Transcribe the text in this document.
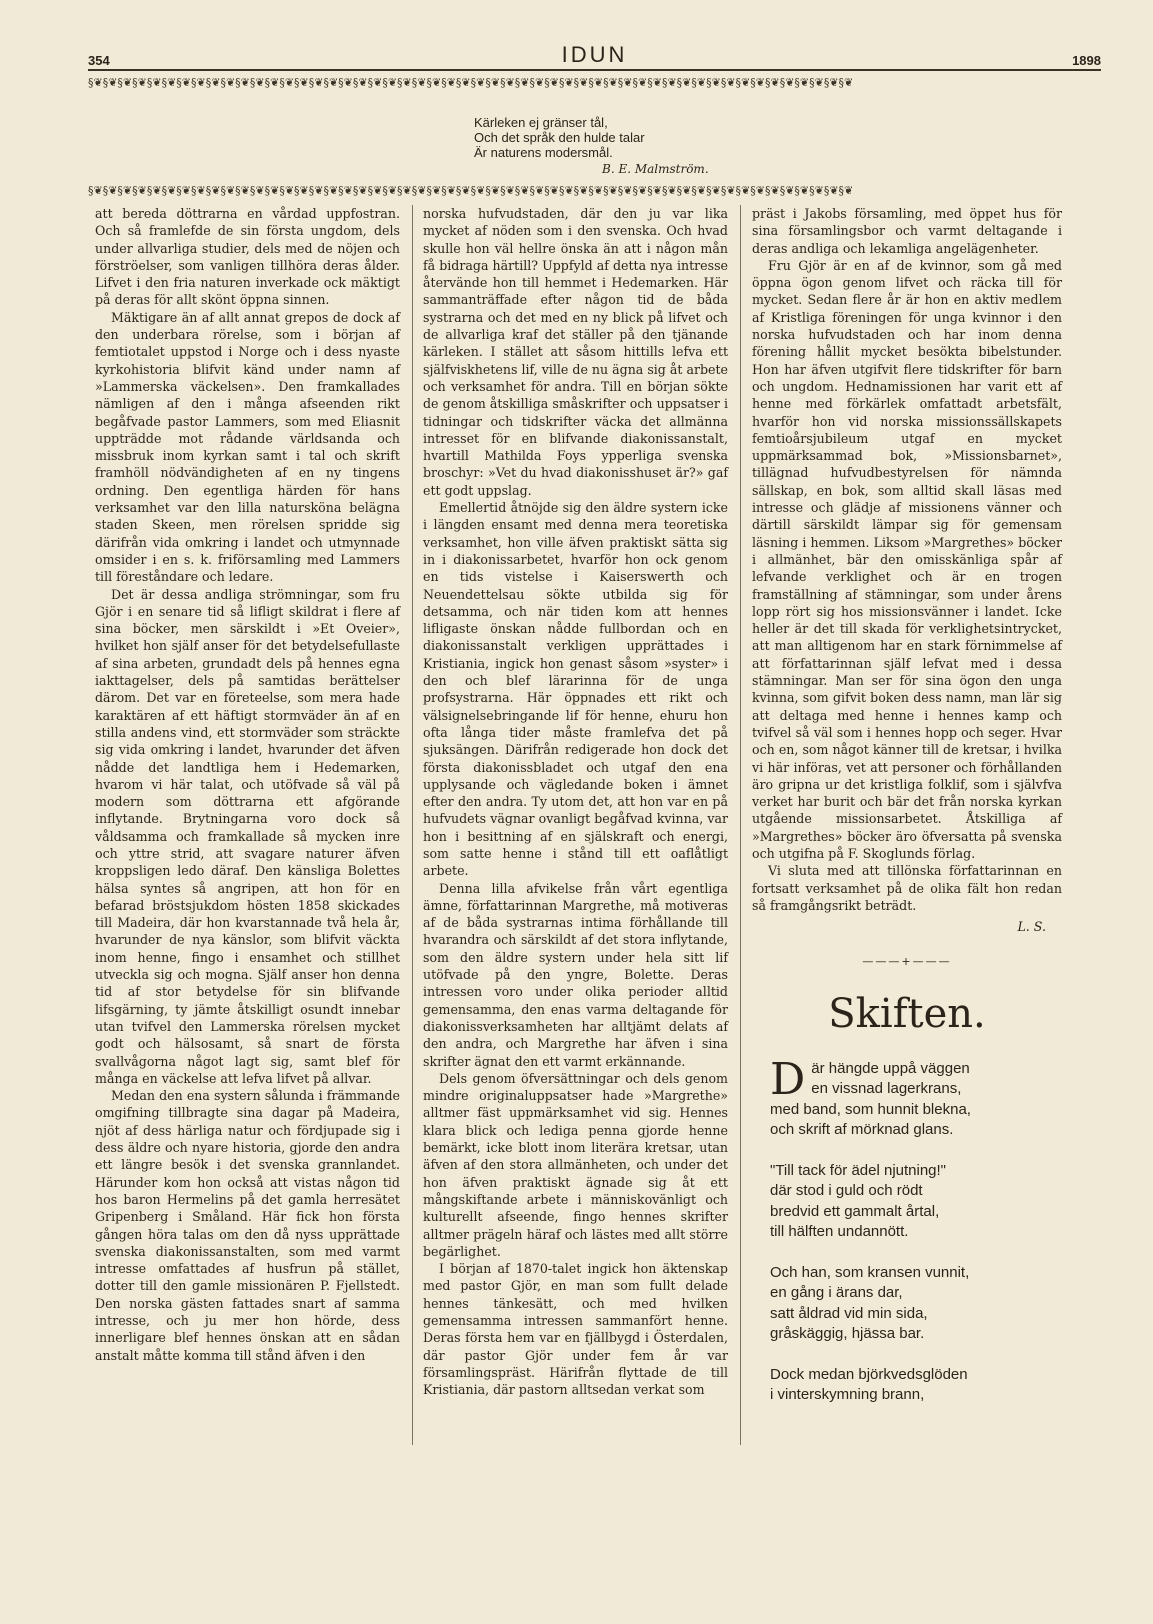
354	IDUN	1898
§❦§❦§❦§❦§❦§❦§❦§❦§❦§❦§❦§❦§❦§❦§❦§❦§❦§❦§❦§❦§❦§❦§❦§❦§❦§❦§❦§❦§❦§❦§❦§❦§❦§❦§❦§❦§❦§❦§❦§❦§❦§❦§❦§❦§❦§❦§❦§❦§❦§❦§❦§❦
Kärleken ej gränser tål,
Och det språk den hulde talar
Är naturens modersmål.
B. E. Malmström.
§❦§❦§❦§❦§❦§❦§❦§❦§❦§❦§❦§❦§❦§❦§❦§❦§❦§❦§❦§❦§❦§❦§❦§❦§❦§❦§❦§❦§❦§❦§❦§❦§❦§❦§❦§❦§❦§❦§❦§❦§❦§❦§❦§❦§❦§❦§❦§❦§❦§❦§❦§❦

att bereda döttrarna en vårdad uppfostran. Och så framlefde de sin första ungdom, dels under allvarliga studier, dels med de nöjen och förströelser, som vanligen tillhöra deras ålder. Lifvet i den fria naturen inverkade ock mäktigt på deras för allt skönt öppna sinnen.

Mäktigare än af allt annat grepos de dock af den underbara rörelse, som i början af femtiotalet uppstod i Norge och i dess nyaste kyrkohistoria blifvit känd under namn af »Lammerska väckelsen». Den framkallades nämligen af den i många afseenden rikt begåfvade pastor Lammers, som med Eliasnit uppträdde mot rådande världsanda och missbruk inom kyrkan samt i tal och skrift framhöll nödvändigheten af en ny tingens ordning. Den egentliga härden för hans verksamhet var den lilla natursköna belägna staden Skeen, men rörelsen spridde sig därifrån vida omkring i landet och utmynnade omsider i en s. k. friförsamling med Lammers till föreståndare och ledare.

Det är dessa andliga strömningar, som fru Gjör i en senare tid så lifligt skildrat i flere af sina böcker, men särskildt i »Et Oveier», hvilket hon själf anser för det betydelsefullaste af sina arbeten, grundadt dels på hennes egna iakttagelser, dels på samtidas berättelser därom. Det var en företeelse, som mera hade karaktären af ett häftigt stormväder än af en stilla andens vind, ett stormväder som sträckte sig vida omkring i landet, hvarunder det äfven nådde det landtliga hem i Hedemarken, hvarom vi här talat, och utöfvade så väl på modern som döttrarna ett afgörande inflytande. Brytningarna voro dock så våldsamma och framkallade så mycken inre och yttre strid, att svagare naturer äfven kroppsligen ledo däraf. Den känsliga Bolettes hälsa syntes så angripen, att hon för en befarad bröstsjukdom hösten 1858 skickades till Madeira, där hon kvarstannade två hela år, hvarunder de nya känslor, som blifvit väckta inom henne, fingo i ensamhet och stillhet utveckla sig och mogna. Själf anser hon denna tid af stor betydelse för sin blifvande lifsgärning, ty jämte åtskilligt osundt innebar utan tvifvel den Lammerska rörelsen mycket godt och hälsosamt, så snart de första svallvågorna något lagt sig, samt blef för många en väckelse att lefva lifvet på allvar.

Medan den ena systern sålunda i främmande omgifning tillbragte sina dagar på Madeira, njöt af dess härliga natur och fördjupade sig i dess äldre och nyare historia, gjorde den andra ett längre besök i det svenska grannlandet. Härunder kom hon också att vistas någon tid hos baron Hermelins på det gamla herresätet Gripenberg i Småland. Här fick hon första gången höra talas om den då nyss upprättade svenska diakonissanstalten, som med varmt intresse omfattades af husfrun på stället, dotter till den gamle missionären P. Fjellstedt. Den norska gästen fattades snart af samma intresse, och ju mer hon hörde, dess innerligare blef hennes önskan att en sådan anstalt måtte komma till stånd äfven i den

norska hufvudstaden, där den ju var lika mycket af nöden som i den svenska. Och hvad skulle hon väl hellre önska än att i någon mån få bidraga härtill? Uppfyld af detta nya intresse återvände hon till hemmet i Hedemarken. Här sammanträffade efter någon tid de båda systrarna och det med en ny blick på lifvet och de allvarliga kraf det ställer på den tjänande kärleken. I stället att såsom hittills lefva ett själfviskhetens lif, ville de nu ägna sig åt arbete och verksamhet för andra. Till en början sökte de genom åtskilliga småskrifter och uppsatser i tidningar och tidskrifter väcka det allmänna intresset för en blifvande diakonissanstalt, hvartill Mathilda Foys ypperliga svenska broschyr: »Vet du hvad diakonisshuset är?» gaf ett godt uppslag.

Emellertid åtnöjde sig den äldre systern icke i längden ensamt med denna mera teoretiska verksamhet, hon ville äfven praktiskt sätta sig in i diakonissarbetet, hvarför hon ock genom en tids vistelse i Kaiserswerth och Neuendettelsau sökte utbilda sig för detsamma, och när tiden kom att hennes lifligaste önskan nådde fullbordan och en diakonissanstalt verkligen upprättades i Kristiania, ingick hon genast såsom »syster» i den och blef lärarinna för de unga profsystrarna. Här öppnades ett rikt och välsignelsebringande lif för henne, ehuru hon ofta långa tider måste framlefva det på sjuksängen. Därifrån redigerade hon dock det första diakonissbladet och utgaf den ena upplysande och vägledande boken i ämnet efter den andra. Ty utom det, att hon var en på hufvudets vägnar ovanligt begåfvad kvinna, var hon i besittning af en själskraft och energi, som satte henne i stånd till ett oaflåtligt arbete.

Denna lilla afvikelse från vårt egentliga ämne, författarinnan Margrethe, må motiveras af de båda systrarnas intima förhållande till hvarandra och särskildt af det stora inflytande, som den äldre systern under hela sitt lif utöfvade på den yngre, Bolette. Deras intressen voro under olika perioder alltid gemensamma, den enas varma deltagande för diakonissverksamheten har alltjämt delats af den andra, och Margrethe har äfven i sina skrifter ägnat den ett varmt erkännande.

Dels genom öfversättningar och dels genom mindre originaluppsatser hade »Margrethe» alltmer fäst uppmärksamhet vid sig. Hennes klara blick och lediga penna gjorde henne bemärkt, icke blott inom literära kretsar, utan äfven af den stora allmänheten, och under det hon äfven praktiskt ägnade sig åt ett mångskiftande arbete i människovänligt och kulturellt afseende, fingo hennes skrifter alltmer prägeln häraf och lästes med allt större begärlighet.

I början af 1870-talet ingick hon äktenskap med pastor Gjör, en man som fullt delade hennes tänkesätt, och med hvilken gemensamma intressen sammanfört henne. Deras första hem var en fjällbygd i Österdalen, där pastor Gjör under fem år var församlingspräst. Härifrån flyttade de till Kristiania, där pastorn alltsedan verkat som

präst i Jakobs församling, med öppet hus för sina församlingsbor och varmt deltagande i deras andliga och lekamliga angelägenheter.

Fru Gjör är en af de kvinnor, som gå med öppna ögon genom lifvet och räcka till för mycket. Sedan flere år är hon en aktiv medlem af Kristliga föreningen för unga kvinnor i den norska hufvudstaden och har inom denna förening hållit mycket besökta bibelstunder. Hon har äfven utgifvit flere tidskrifter för barn och ungdom. Hednamissionen har varit ett af henne med förkärlek omfattadt arbetsfält, hvarför hon vid norska missionssällskapets femtioårsjubileum utgaf en mycket uppmärksammad bok, »Missionsbarnet», tillägnad hufvudbestyrelsen för nämnda sällskap, en bok, som alltid skall läsas med intresse och glädje af missionens vänner och därtill särskildt lämpar sig för gemensam läsning i hemmen. Liksom »Margrethes» böcker i allmänhet, bär den omisskänliga spår af lefvande verklighet och är en trogen framställning af stämningar, som under årens lopp rört sig hos missionsvänner i landet. Icke heller är det till skada för verklighetsintrycket, att man alltigenom har en stark förnimmelse af att författarinnan själf lefvat med i dessa stämningar. Man ser för sina ögon den unga kvinna, som gifvit boken dess namn, man lär sig att deltaga med henne i hennes kamp och tvifvel så väl som i hennes hopp och seger. Hvar och en, som något känner till de kretsar, i hvilka vi här införas, vet att personer och förhållanden äro gripna ur det kristliga folklif, som i självfva verket har burit och bär det från norska kyrkan utgående missionsarbetet. Åtskilliga af »Margrethes» böcker äro öfversatta på svenska och utgifna på F. Skoglunds förlag.

Vi sluta med att tillönska författarinnan en fortsatt verksamhet på de olika fält hon redan så framgångsrikt beträdt.

L. S.
———+———
Skiften.
D är hängde uppå väggen
en vissnad lagerkrans,
med band, som hunnit blekna,
och skrift af mörknad glans.
"Till tack för ädel njutning!"
där stod i guld och rödt
bredvid ett gammalt årtal,
till hälften undannött.
Och han, som kransen vunnit,
en gång i ärans dar,
satt åldrad vid min sida,
gråskäggig, hjässa bar.
Dock medan björkvedsglöden
i vinterskymning brann,
